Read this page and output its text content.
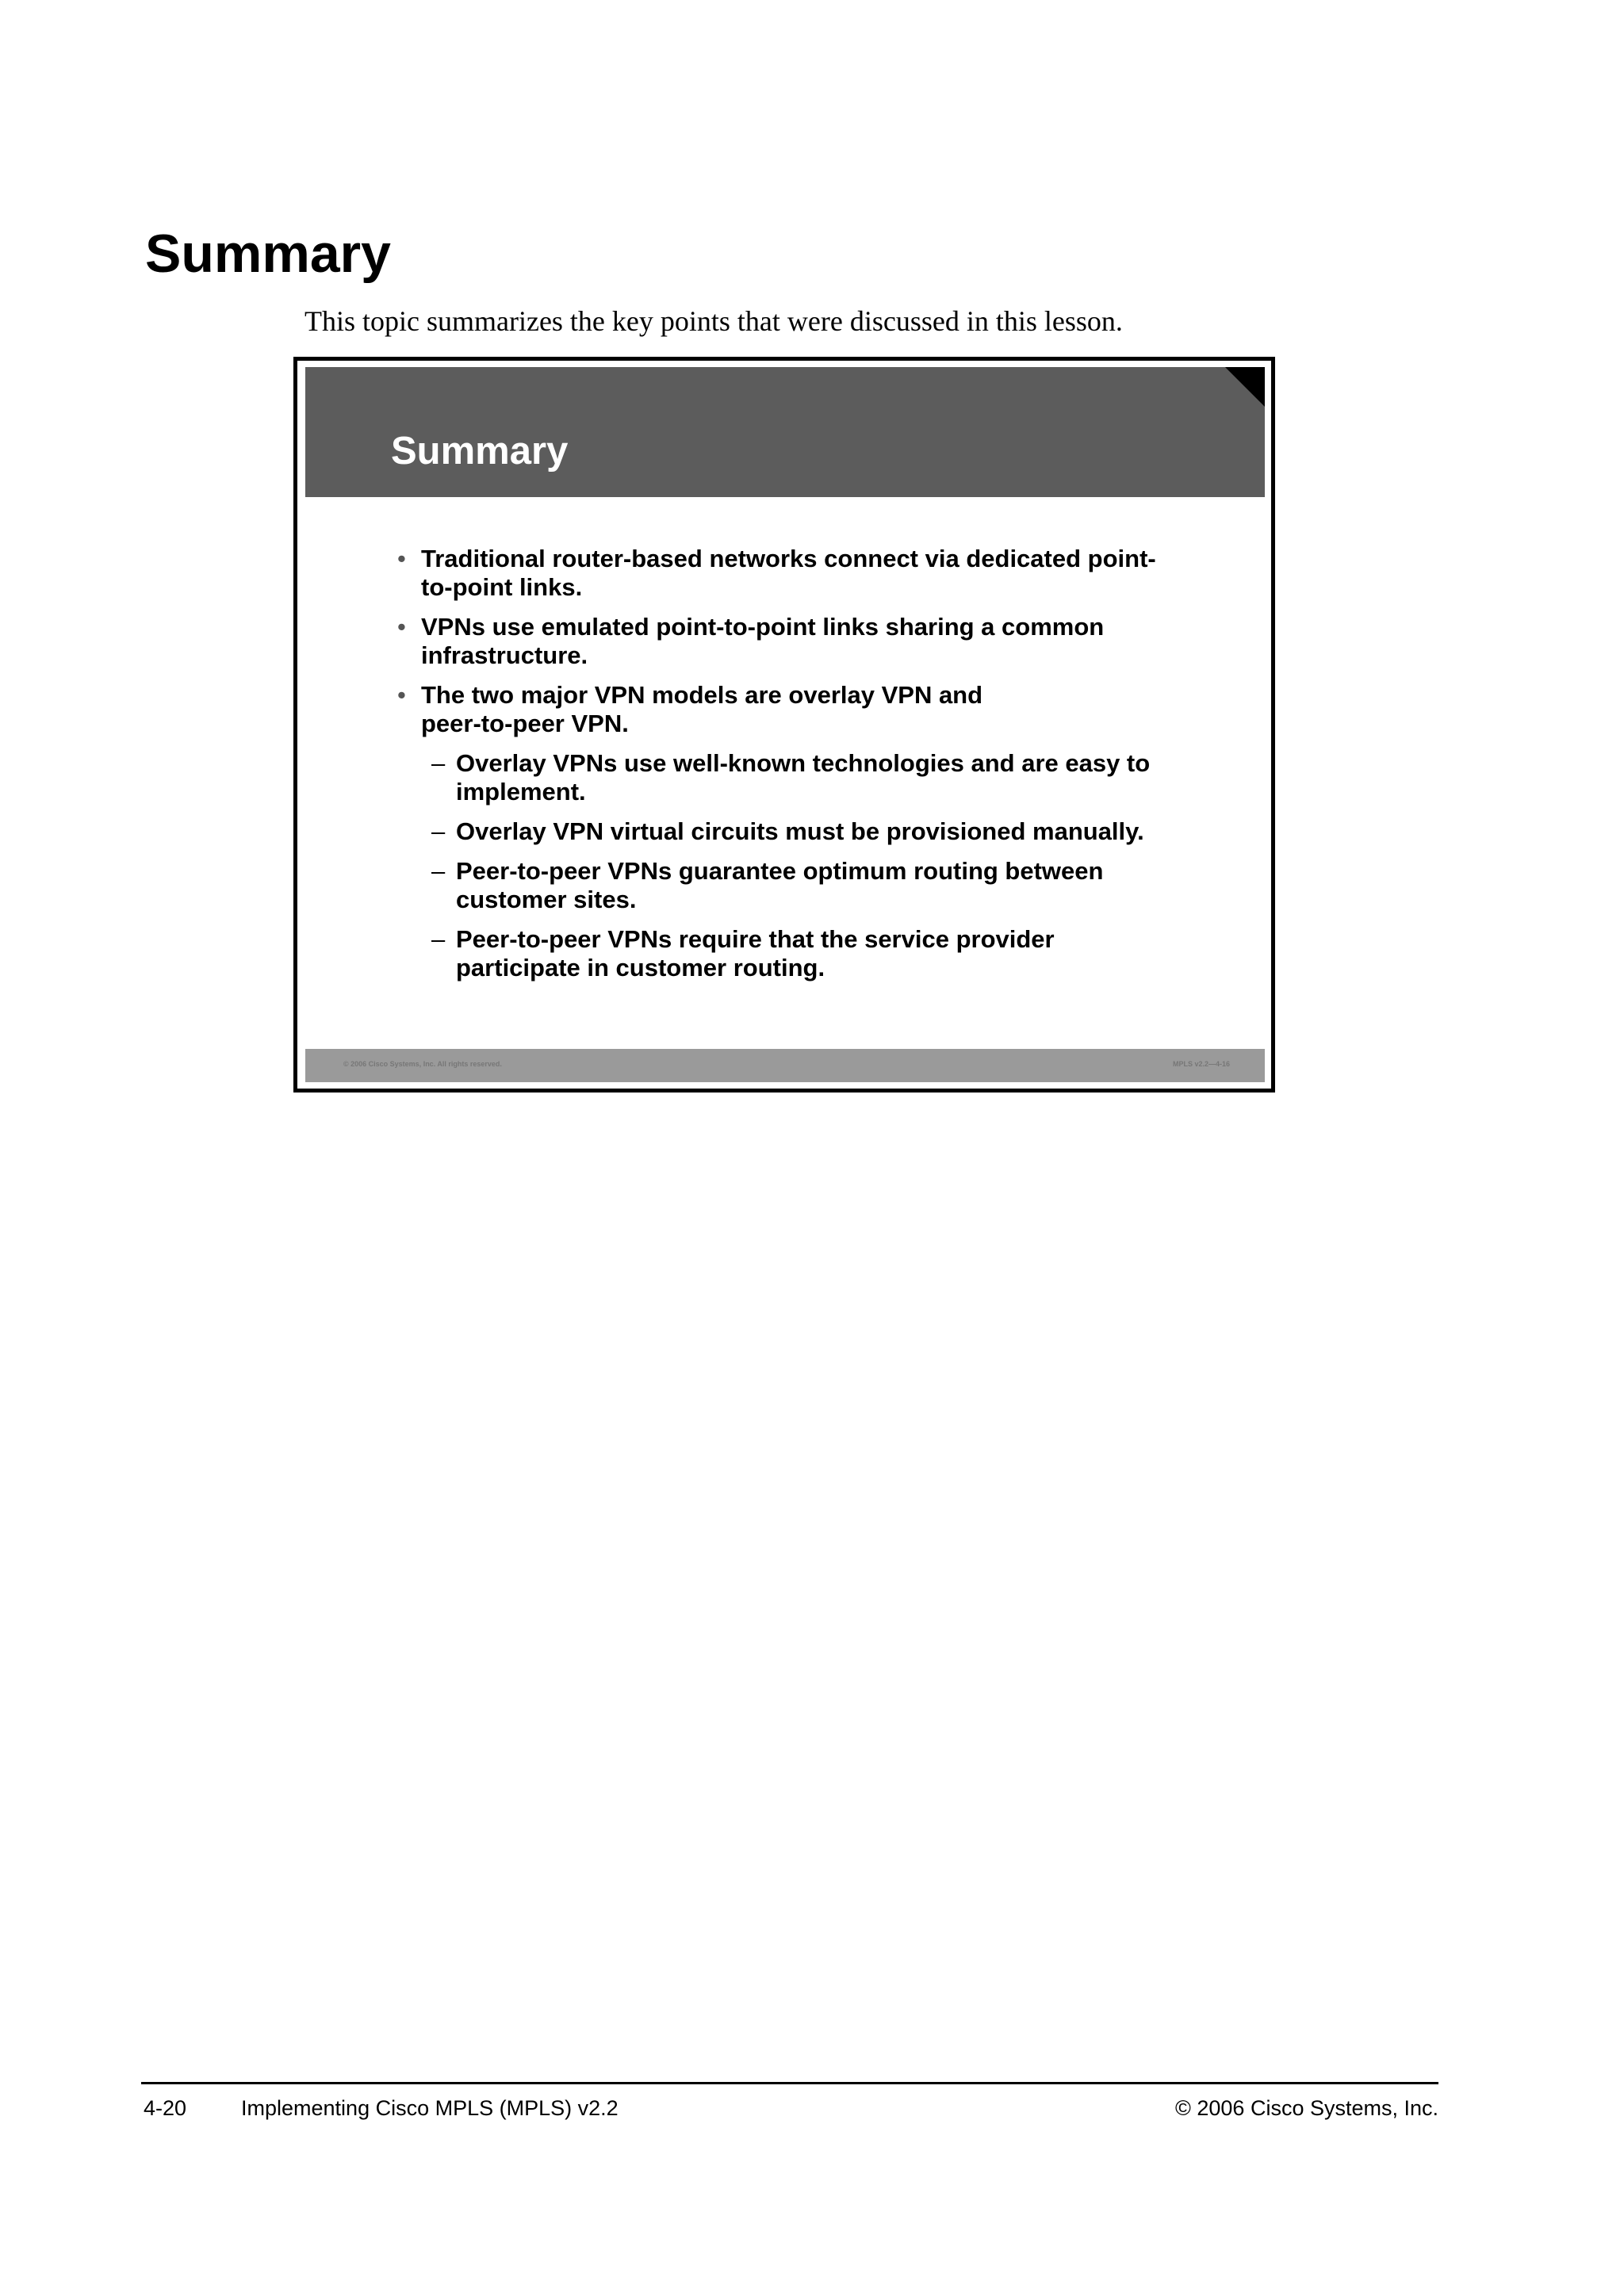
Summary
This topic summarizes the key points that were discussed in this lesson.
Summary
• Traditional router-based networks connect via dedicated point-
to-point links.
• VPNs use emulated point-to-point links sharing a common
infrastructure.
• The two major VPN models are overlay VPN and
peer-to-peer VPN.
– Overlay VPNs use well-known technologies and are easy to
implement.
– Overlay VPN virtual circuits must be provisioned manually.
– Peer-to-peer VPNs guarantee optimum routing between
customer sites.
– Peer-to-peer VPNs require that the service provider
participate in customer routing.
© 2006 Cisco Systems, Inc. All rights reserved.	MPLS v2.2—4-16
4-20	Implementing Cisco MPLS (MPLS) v2.2	© 2006 Cisco Systems, Inc.
